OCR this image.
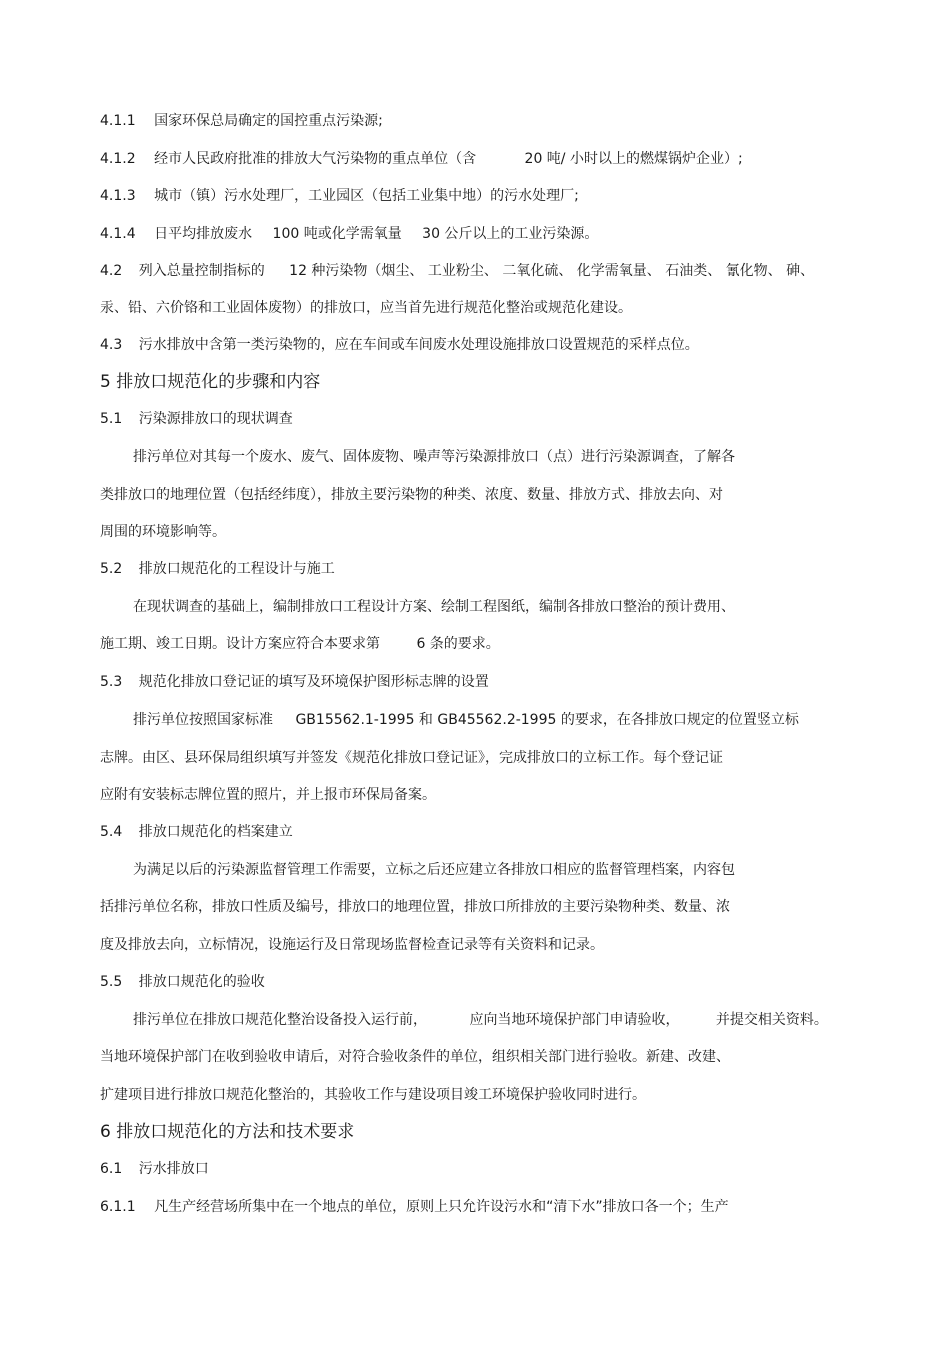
4.1.1 国家环保总局确定的国控重点污染源;
4.1.2 经市人民政府批准的排放大气污染物的重点单位（含	20 吨/ 小时以上的燃煤锅炉企业）;
4.1.3 城市（镇）污水处理厂，工业园区（包括工业集中地）的污水处理厂;
4.1.4 日平均排放废水 100 吨或化学需氧量 30 公斤以上的工业污染源。
4.2 列入总量控制指标的 12 种污染物（烟尘、 工业粉尘、 二氧化硫、 化学需氧量、 石油类、 氰化物、 砷、
汞、铅、六价铬和工业固体废物）的排放口，应当首先进行规范化整治或规范化建设。
4.3 污水排放中含第一类污染物的，应在车间或车间废水处理设施排放口设置规范的采样点位。
5 排放口规范化的步骤和内容
5.1 污染源排放口的现状调查
排污单位对其每一个废水、废气、固体废物、噪声等污染源排放口（点）进行污染源调查，了解各
类排放口的地理位置（包括经纬度），排放主要污染物的种类、浓度、数量、排放方式、排放去向、对
周围的环境影响等。
5.2 排放口规范化的工程设计与施工
在现状调查的基础上，编制排放口工程设计方案、绘制工程图纸，编制各排放口整治的预计费用、
施工期、竣工日期。设计方案应符合本要求第	6 条的要求。
5.3 规范化排放口登记证的填写及环境保护图形标志牌的设置
排污单位按照国家标准 GB15562.1-1995 和 GB45562.2-1995 的要求，在各排放口规定的位置竖立标
志牌。由区、县环保局组织填写并签发《规范化排放口登记证》，完成排放口的立标工作。每个登记证
应附有安装标志牌位置的照片，并上报市环保局备案。
5.4 排放口规范化的档案建立
为满足以后的污染源监督管理工作需要，立标之后还应建立各排放口相应的监督管理档案，内容包
括排污单位名称，排放口性质及编号，排放口的地理位置，排放口所排放的主要污染物种类、数量、浓
度及排放去向，立标情况，设施运行及日常现场监督检查记录等有关资料和记录。
5.5 排放口规范化的验收
排污单位在排放口规范化整治设备投入运行前，	应向当地环境保护部门申请验收，	并提交相关资料。
当地环境保护部门在收到验收申请后，对符合验收条件的单位，组织相关部门进行验收。新建、改建、
扩建项目进行排放口规范化整治的，其验收工作与建设项目竣工环境保护验收同时进行。
6 排放口规范化的方法和技术要求
6.1 污水排放口
6.1.1 凡生产经营场所集中在一个地点的单位，原则上只允许设污水和“清下水”排放口各一个；生产
